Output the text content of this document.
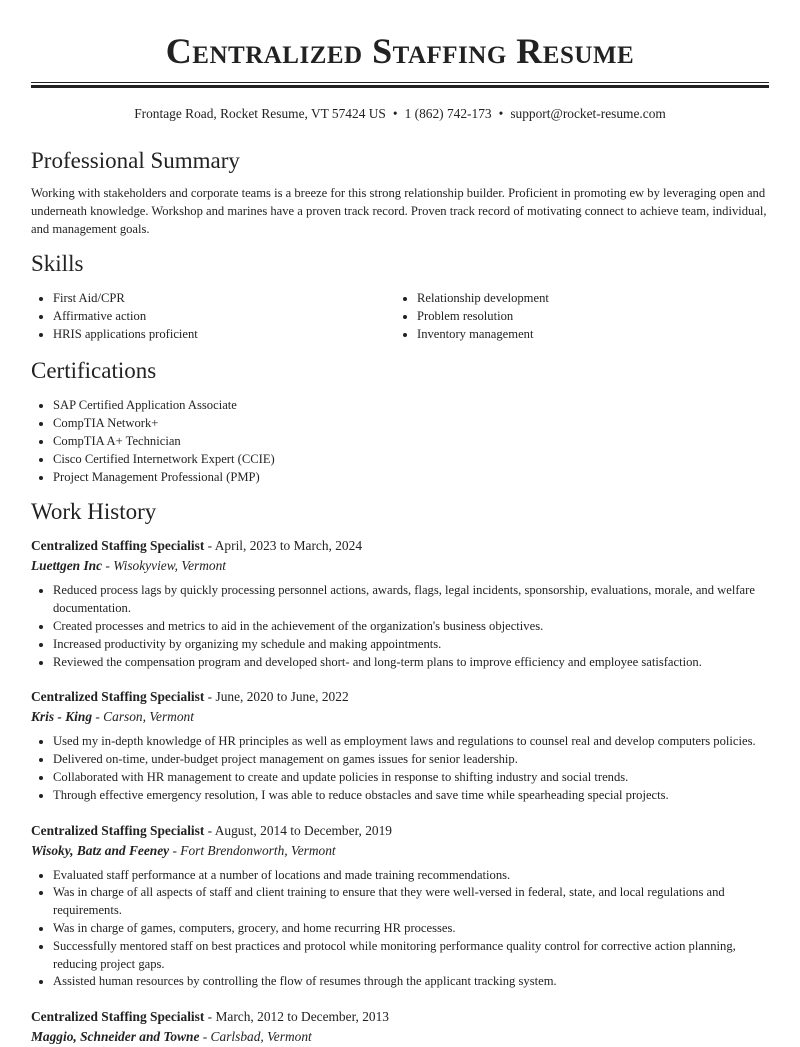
Centralized Staffing Resume
Frontage Road, Rocket Resume, VT 57424 US • 1 (862) 742-173 • support@rocket-resume.com
Professional Summary

Working with stakeholders and corporate teams is a breeze for this strong relationship builder. Proficient in promoting ew by leveraging open and underneath knowledge. Workshop and marines have a proven track record. Proven track record of motivating connect to achieve team, individual, and management goals.

Skills
• First Aid/CPR
• Affirmative action
• HRIS applications proficient
• Relationship development
• Problem resolution
• Inventory management
Certifications
• SAP Certified Application Associate
• CompTIA Network+
• CompTIA A+ Technician
• Cisco Certified Internetwork Expert (CCIE)
• Project Management Professional (PMP)
Work History
Centralized Staffing Specialist - April, 2023 to March, 2024
Luettgen Inc - Wisokyview, Vermont
• Reduced process lags by quickly processing personnel actions, awards, flags, legal incidents, sponsorship, evaluations, morale, and welfare documentation.
• Created processes and metrics to aid in the achievement of the organization's business objectives.
• Increased productivity by organizing my schedule and making appointments.
• Reviewed the compensation program and developed short- and long-term plans to improve efficiency and employee satisfaction.
Centralized Staffing Specialist - June, 2020 to June, 2022
Kris - King - Carson, Vermont
• Used my in-depth knowledge of HR principles as well as employment laws and regulations to counsel real and develop computers policies.
• Delivered on-time, under-budget project management on games issues for senior leadership.
• Collaborated with HR management to create and update policies in response to shifting industry and social trends.
• Through effective emergency resolution, I was able to reduce obstacles and save time while spearheading special projects.
Centralized Staffing Specialist - August, 2014 to December, 2019
Wisoky, Batz and Feeney - Fort Brendonworth, Vermont
• Evaluated staff performance at a number of locations and made training recommendations.
• Was in charge of all aspects of staff and client training to ensure that they were well-versed in federal, state, and local regulations and requirements.
• Was in charge of games, computers, grocery, and home recurring HR processes.
• Successfully mentored staff on best practices and protocol while monitoring performance quality control for corrective action planning, reducing project gaps.
• Assisted human resources by controlling the flow of resumes through the applicant tracking system.
Centralized Staffing Specialist - March, 2012 to December, 2013
Maggio, Schneider and Towne - Carlsbad, Vermont
